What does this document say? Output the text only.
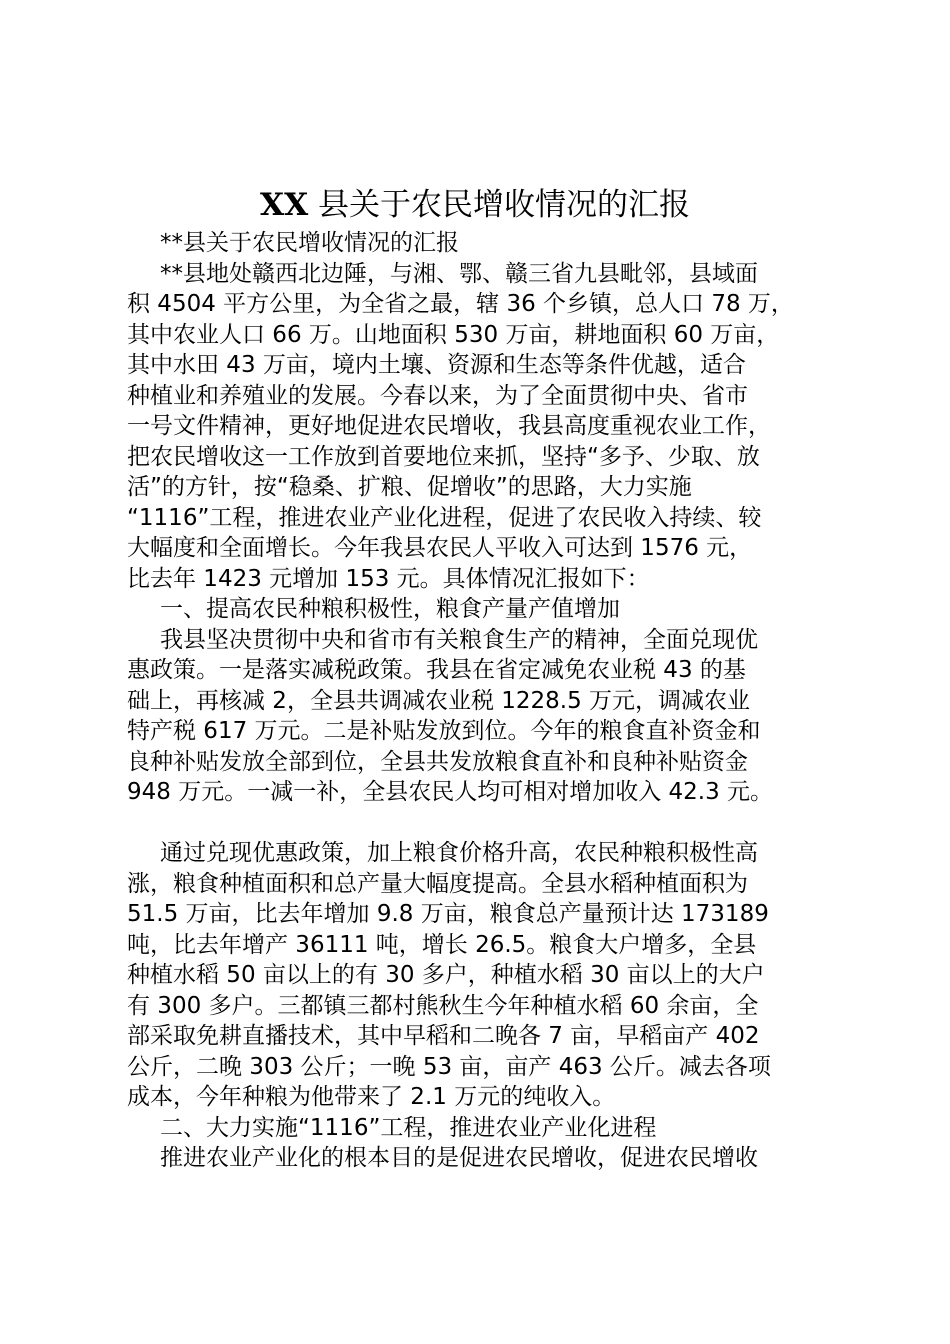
XX 县关于农民增收情况的汇报
**县关于农民增收情况的汇报
**县地处赣西北边陲，与湘、鄂、赣三省九县毗邻，县域面
积 4504 平方公里，为全省之最，辖 36 个乡镇，总人口 78 万，
其中农业人口 66 万。山地面积 530 万亩，耕地面积 60 万亩，
其中水田 43 万亩，境内土壤、资源和生态等条件优越，适合
种植业和养殖业的发展。今春以来，为了全面贯彻中央、省市
一号文件精神，更好地促进农民增收，我县高度重视农业工作，
把农民增收这一工作放到首要地位来抓，坚持“多予、少取、放
活”的方针，按“稳桑、扩粮、促增收”的思路，大力实施
“1116”工程，推进农业产业化进程，促进了农民收入持续、较
大幅度和全面增长。今年我县农民人平收入可达到 1576 元，
比去年 1423 元增加 153 元。具体情况汇报如下：
一、提高农民种粮积极性，粮食产量产值增加
我县坚决贯彻中央和省市有关粮食生产的精神，全面兑现优
惠政策。一是落实减税政策。我县在省定减免农业税 43 的基
础上，再核减 2，全县共调减农业税 1228.5 万元，调减农业
特产税 617 万元。二是补贴发放到位。今年的粮食直补资金和
良种补贴发放全部到位，全县共发放粮食直补和良种补贴资金
948 万元。一减一补，全县农民人均可相对增加收入 42.3 元。
通过兑现优惠政策，加上粮食价格升高，农民种粮积极性高
涨，粮食种植面积和总产量大幅度提高。全县水稻种植面积为
51.5 万亩，比去年增加 9.8 万亩，粮食总产量预计达 173189
吨，比去年增产 36111 吨，增长 26.5。粮食大户增多，全县
种植水稻 50 亩以上的有 30 多户，种植水稻 30 亩以上的大户
有 300 多户。三都镇三都村熊秋生今年种植水稻 60 余亩，全
部采取免耕直播技术，其中早稻和二晚各 7 亩，早稻亩产 402
公斤，二晚 303 公斤；一晚 53 亩，亩产 463 公斤。减去各项
成本，今年种粮为他带来了 2.1 万元的纯收入。
二、大力实施“1116”工程，推进农业产业化进程
推进农业产业化的根本目的是促进农民增收，促进农民增收
